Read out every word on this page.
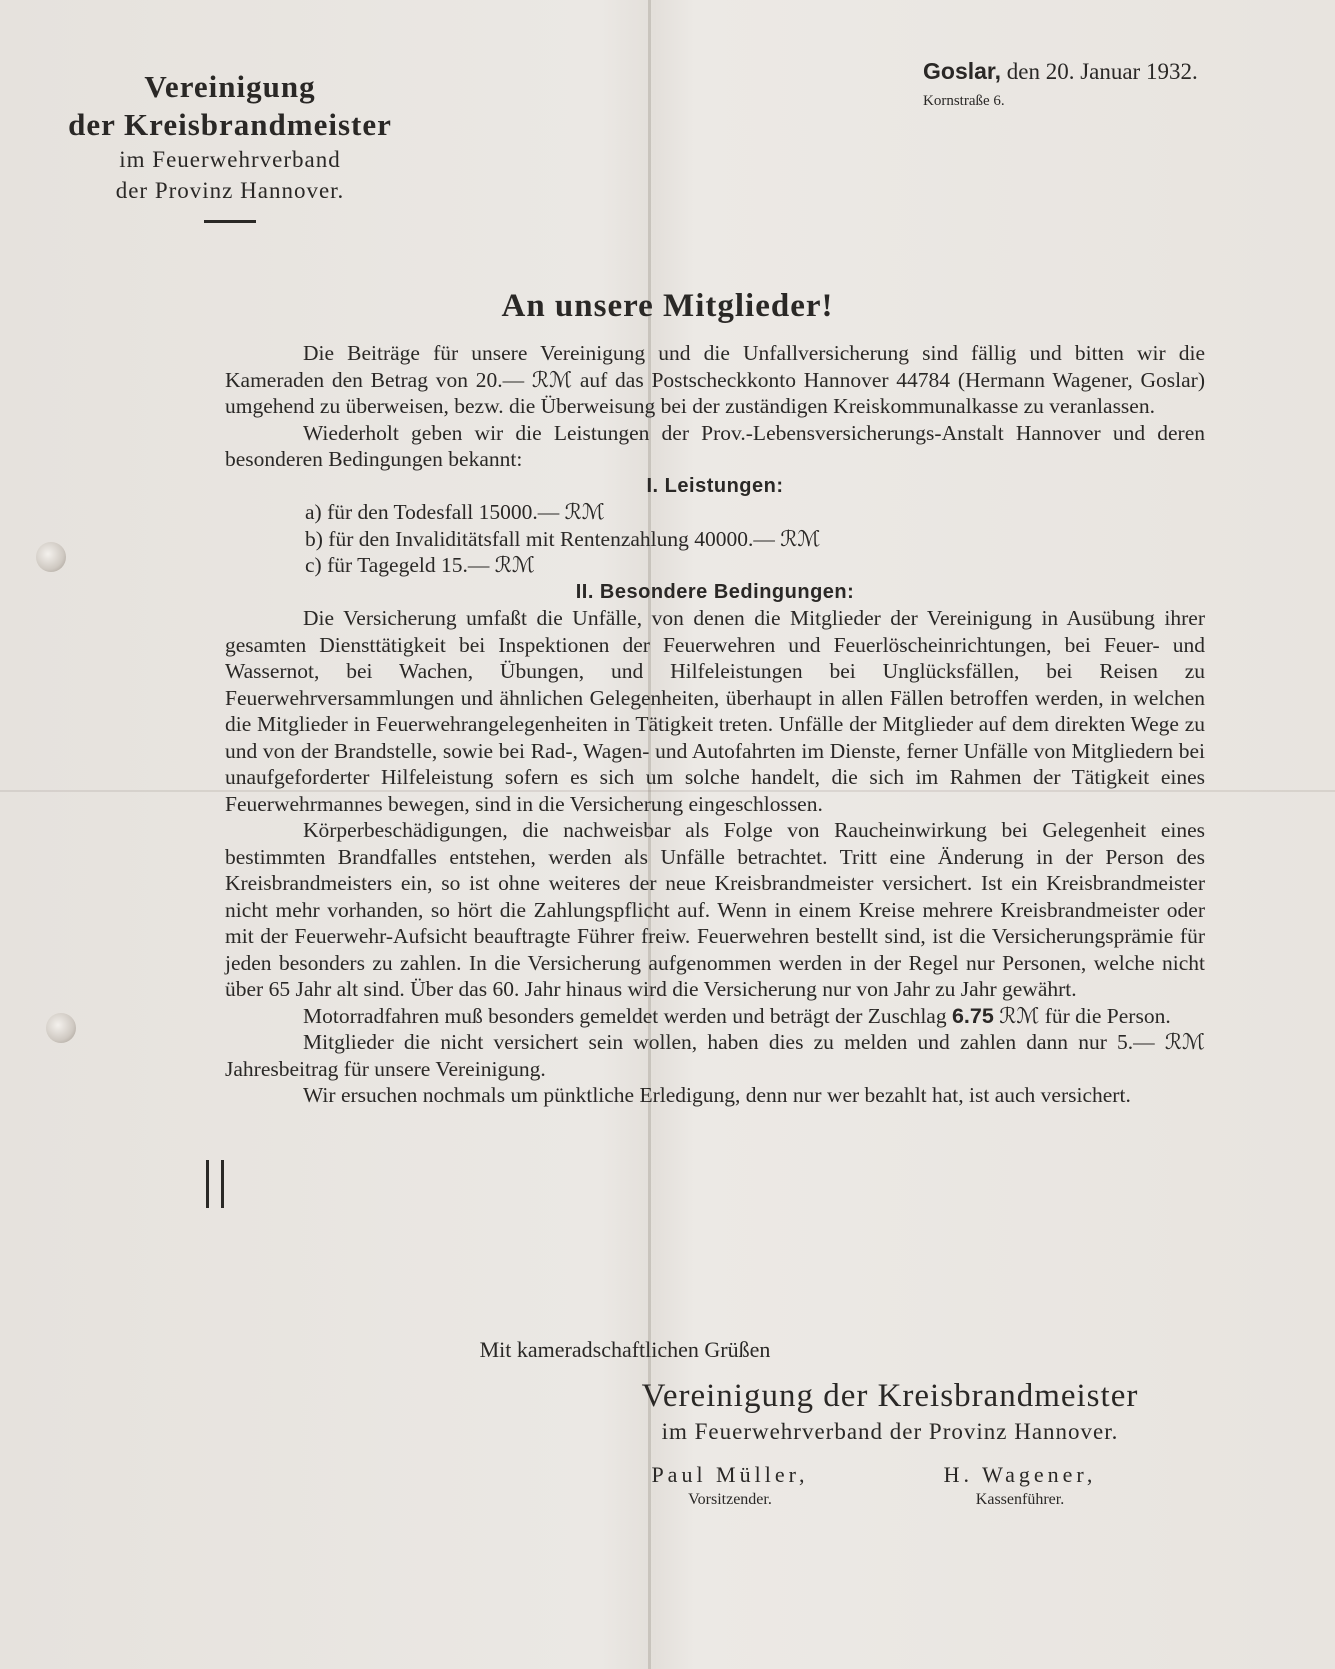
Vereinigung
der Kreisbrandmeister
im Feuerwehrverband
der Provinz Hannover.
Goslar, den 20. Januar 1932.
Kornstraße 6.
An unsere Mitglieder!

Die Beiträge für unsere Vereinigung und die Unfallversicherung sind fällig und bitten wir die Kameraden den Betrag von 20.— ℛℳ auf das Postscheckkonto Hannover 44784 (Hermann Wagener, Goslar) umgehend zu überweisen, bezw. die Überweisung bei der zuständigen Kreiskommunalkasse zu veranlassen.

Wiederholt geben wir die Leistungen der Prov.-Lebensversicherungs-Anstalt Hannover und deren besonderen Bedingungen bekannt:

I. Leistungen:
a) für den Todesfall 15000.— ℛℳ
b) für den Invaliditätsfall mit Rentenzahlung 40000.— ℛℳ
c) für Tagegeld 15.— ℛℳ
II. Besondere Bedingungen:

Die Versicherung umfaßt die Unfälle, von denen die Mitglieder der Vereinigung in Ausübung ihrer gesamten Diensttätigkeit bei Inspektionen der Feuerwehren und Feuerlöscheinrichtungen, bei Feuer- und Wassernot, bei Wachen, Übungen, und Hilfeleistungen bei Unglücksfällen, bei Reisen zu Feuerwehrversammlungen und ähnlichen Gelegenheiten, überhaupt in allen Fällen betroffen werden, in welchen die Mitglieder in Feuerwehrangelegenheiten in Tätigkeit treten. Unfälle der Mitglieder auf dem direkten Wege zu und von der Brandstelle, sowie bei Rad-, Wagen- und Autofahrten im Dienste, ferner Unfälle von Mitgliedern bei unaufgeforderter Hilfeleistung sofern es sich um solche handelt, die sich im Rahmen der Tätigkeit eines Feuerwehrmannes bewegen, sind in die Versicherung eingeschlossen.

Körperbeschädigungen, die nachweisbar als Folge von Raucheinwirkung bei Gelegenheit eines bestimmten Brandfalles entstehen, werden als Unfälle betrachtet. Tritt eine Änderung in der Person des Kreisbrandmeisters ein, so ist ohne weiteres der neue Kreisbrandmeister versichert. Ist ein Kreisbrandmeister nicht mehr vorhanden, so hört die Zahlungspflicht auf. Wenn in einem Kreise mehrere Kreisbrandmeister oder mit der Feuerwehr-Aufsicht beauftragte Führer freiw. Feuerwehren bestellt sind, ist die Versicherungsprämie für jeden besonders zu zahlen. In die Versicherung aufgenommen werden in der Regel nur Personen, welche nicht über 65 Jahr alt sind. Über das 60. Jahr hinaus wird die Versicherung nur von Jahr zu Jahr gewährt.

Motorradfahren muß besonders gemeldet werden und beträgt der Zuschlag 6.75 ℛℳ für die Person.

Mitglieder die nicht versichert sein wollen, haben dies zu melden und zahlen dann nur 5.— ℛℳ Jahresbeitrag für unsere Vereinigung.

Wir ersuchen nochmals um pünktliche Erledigung, denn nur wer bezahlt hat, ist auch versichert.

Mit kameradschaftlichen Grüßen
Vereinigung der Kreisbrandmeister
im Feuerwehrverband der Provinz Hannover.
Paul Müller,
Vorsitzender.
H. Wagener,
Kassenführer.
